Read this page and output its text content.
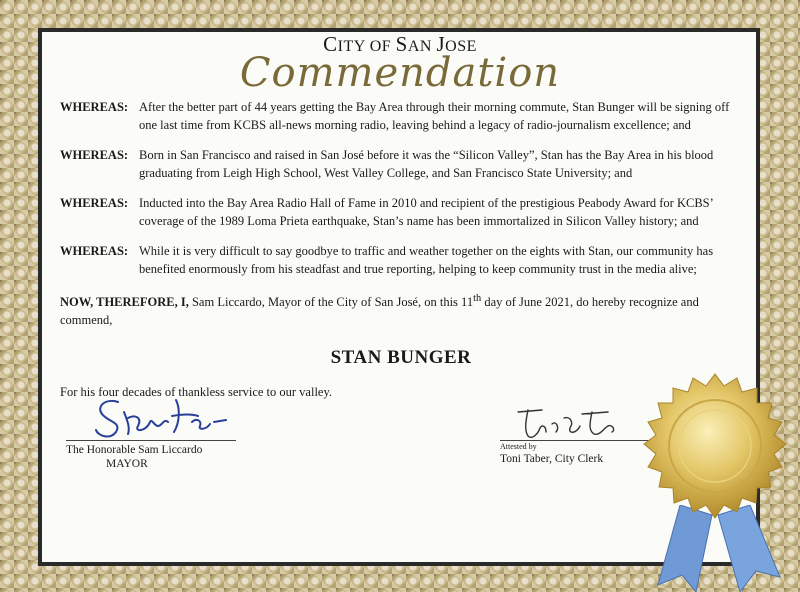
CITY OF SAN JOSE
Commendation
WHEREAS: After the better part of 44 years getting the Bay Area through their morning commute, Stan Bunger will be signing off one last time from KCBS all-news morning radio, leaving behind a legacy of radio-journalism excellence; and
WHEREAS: Born in San Francisco and raised in San José before it was the “Silicon Valley”, Stan has the Bay Area in his blood graduating from Leigh High School, West Valley College, and San Francisco State University; and
WHEREAS: Inducted into the Bay Area Radio Hall of Fame in 2010 and recipient of the prestigious Peabody Award for KCBS’ coverage of the 1989 Loma Prieta earthquake, Stan’s name has been immortalized in Silicon Valley history; and
WHEREAS: While it is very difficult to say goodbye to traffic and weather together on the eights with Stan, our community has benefited enormously from his steadfast and true reporting, helping to keep community trust in the media alive;
NOW, THEREFORE, I, Sam Liccardo, Mayor of the City of San José, on this 11th day of June 2021, do hereby recognize and commend,
STAN BUNGER
For his four decades of thankless service to our valley.
The Honorable Sam Liccardo
MAYOR
Attested by
Toni Taber, City Clerk
